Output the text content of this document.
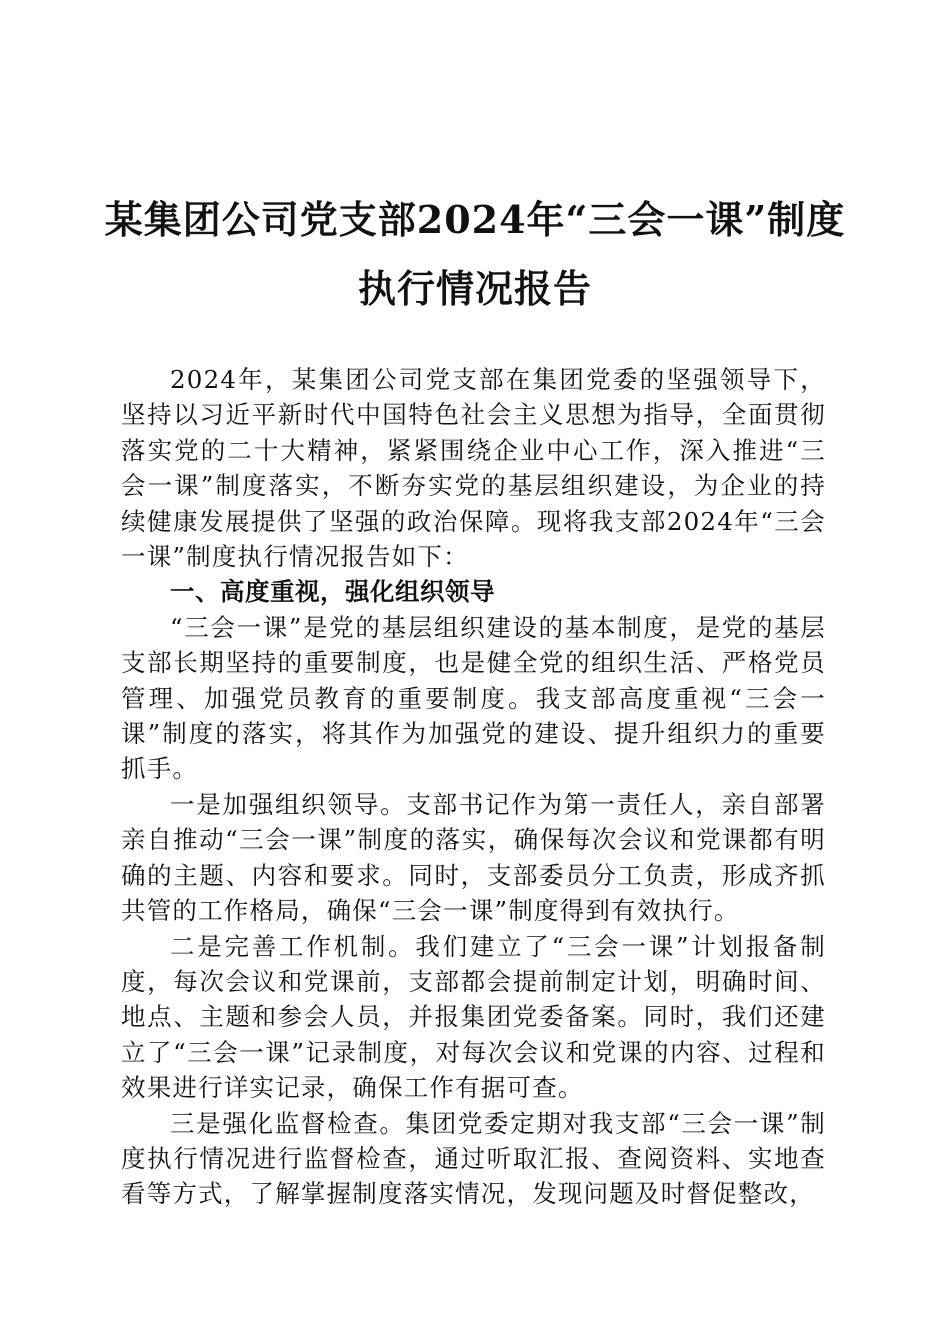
某集团公司党支部2024年“三会一课”制度
执行情况报告

2024年，某集团公司党支部在集团党委的坚强领导下，坚持以习近平新时代中国特色社会主义思想为指导，全面贯彻落实党的二十大精神，紧紧围绕企业中心工作，深入推进“三会一课”制度落实，不断夯实党的基层组织建设，为企业的持续健康发展提供了坚强的政治保障。现将我支部2024年“三会一课”制度执行情况报告如下：

一、高度重视，强化组织领导

“三会一课”是党的基层组织建设的基本制度，是党的基层支部长期坚持的重要制度，也是健全党的组织生活、严格党员管理、加强党员教育的重要制度。我支部高度重视“三会一课”制度的落实，将其作为加强党的建设、提升组织力的重要抓手。

一是加强组织领导。支部书记作为第一责任人，亲自部署亲自推动“三会一课”制度的落实，确保每次会议和党课都有明确的主题、内容和要求。同时，支部委员分工负责，形成齐抓共管的工作格局，确保“三会一课”制度得到有效执行。

二是完善工作机制。我们建立了“三会一课”计划报备制度，每次会议和党课前，支部都会提前制定计划，明确时间、地点、主题和参会人员，并报集团党委备案。同时，我们还建立了“三会一课”记录制度，对每次会议和党课的内容、过程和效果进行详实记录，确保工作有据可查。

三是强化监督检查。集团党委定期对我支部“三会一课”制度执行情况进行监督检查，通过听取汇报、查阅资料、实地查看等方式，了解掌握制度落实情况，发现问题及时督促整改，
